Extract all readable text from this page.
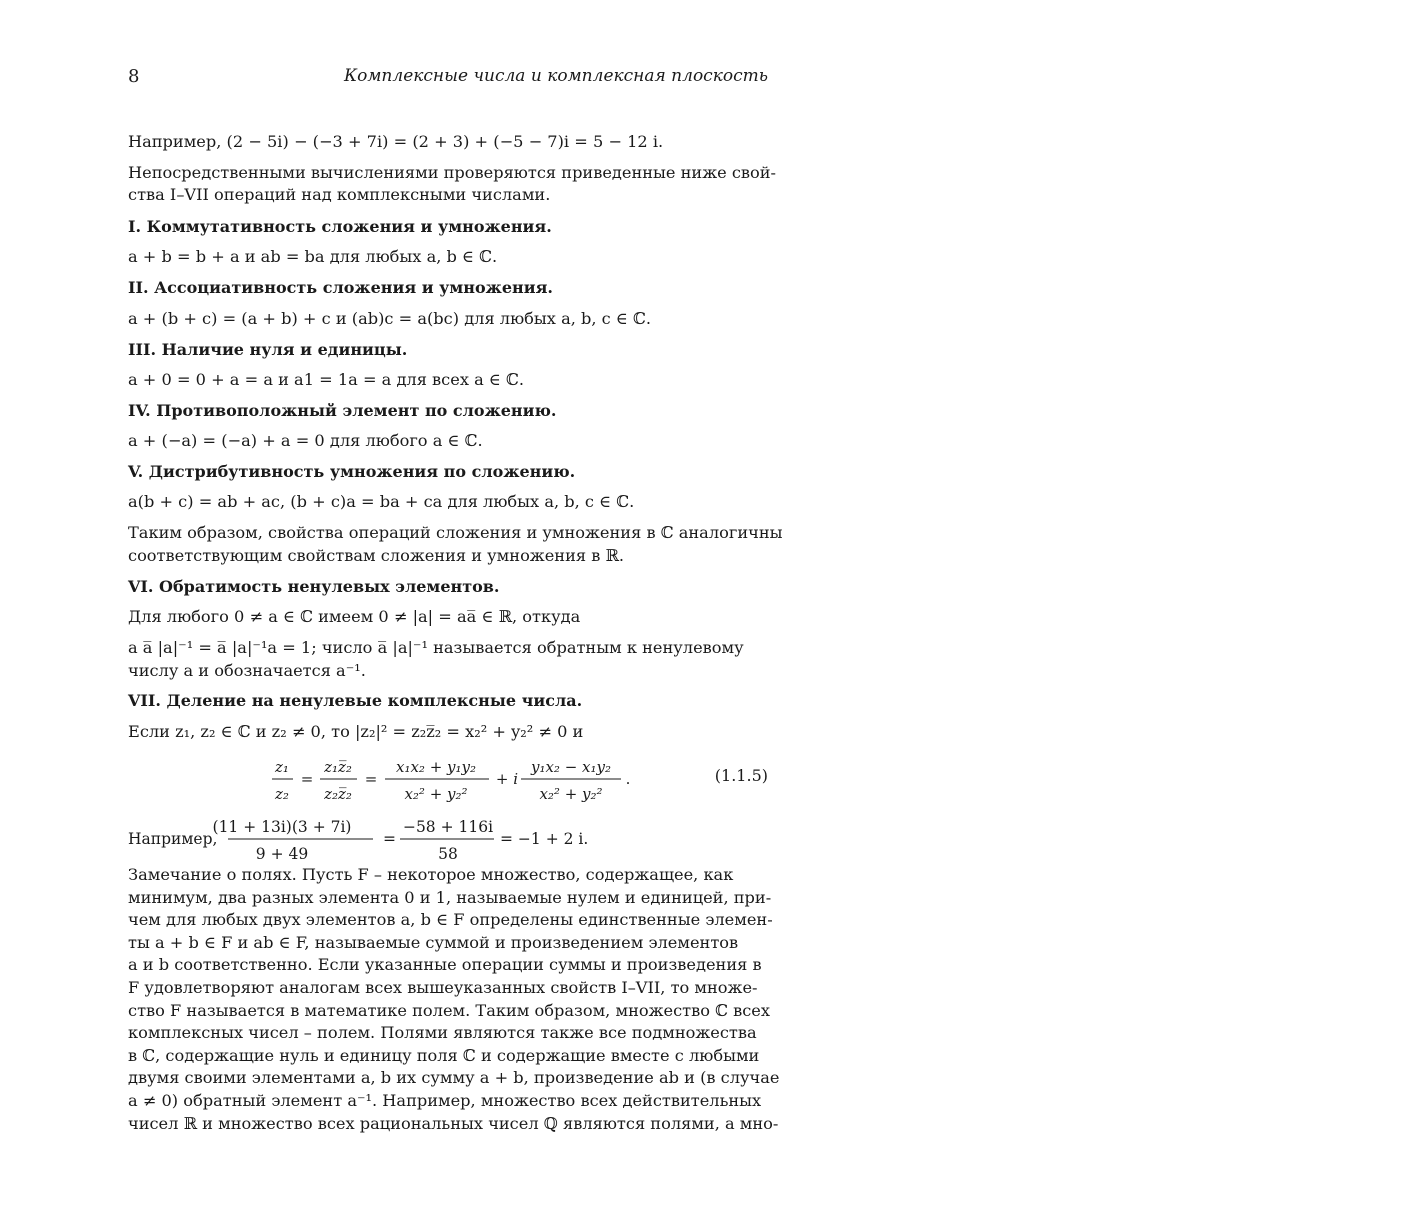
8	Комплексные числа и комплексная плоскость
Например, (2 − 5i) − (−3 + 7i) = (2 + 3) + (−5 − 7)i = 5 − 12 i.
Непосредственными вычислениями проверяются приведенные ниже свой-
ства I–VII операций над комплексными числами.
I. Коммутативность сложения и умножения.
a + b = b + a и ab = ba для любых a, b ∈ ℂ.
II. Ассоциативность сложения и умножения.
a + (b + c) = (a + b) + c и (ab)c = a(bc) для любых a, b, c ∈ ℂ.
III. Наличие нуля и единицы.
a + 0 = 0 + a = a и a1 = 1a = a для всех a ∈ ℂ.
IV. Противоположный элемент по сложению.
a + (−a) = (−a) + a = 0 для любого a ∈ ℂ.
V. Дистрибутивность умножения по сложению.
a(b + c) = ab + ac, (b + c)a = ba + ca для любых a, b, c ∈ ℂ.
Таким образом, свойства операций сложения и умножения в ℂ аналогичны
соответствующим свойствам сложения и умножения в ℝ.
VI. Обратимость ненулевых элементов.
Для любого 0 ≠ a ∈ ℂ имеем 0 ≠ |a| = aa̅ ∈ ℝ, откуда
a a̅ |a|⁻¹ = a̅ |a|⁻¹a = 1; число a̅ |a|⁻¹ называется обратным к ненулевому
числу a и обозначается a⁻¹.
VII. Деление на ненулевые комплексные числа.
Если z₁, z₂ ∈ ℂ и z₂ ≠ 0, то |z₂|² = z₂z̅₂ = x₂² + y₂² ≠ 0 и
z₁
z₂
=
z₁z̅₂
z₂z̅₂
=
x₁x₂ + y₁y₂
x₂² + y₂²
+ i
y₁x₂ − x₁y₂
x₂² + y₂²
.	(1.1.5)
Например,
(11 + 13i)(3 + 7i)
9 + 49
=
−58 + 116i
58
= −1 + 2 i.
Замечание о полях. Пусть F – некоторое множество, содержащее, как
минимум, два разных элемента 0 и 1, называемые нулем и единицей, при-
чем для любых двух элементов a, b ∈ F определены единственные элемен-
ты a + b ∈ F и ab ∈ F, называемые суммой и произведением элементов
a и b соответственно. Если указанные операции суммы и произведения в
F удовлетворяют аналогам всех вышеуказанных свойств I–VII, то множе-
ство F называется в математике полем. Таким образом, множество ℂ всех
комплексных чисел – полем. Полями являются также все подмножества
в ℂ, содержащие нуль и единицу поля ℂ и содержащие вместе с любыми
двумя своими элементами a, b их сумму a + b, произведение ab и (в случае
a ≠ 0) обратный элемент a⁻¹. Например, множество всех действительных
чисел ℝ и множество всех рациональных чисел ℚ являются полями, а мно-
